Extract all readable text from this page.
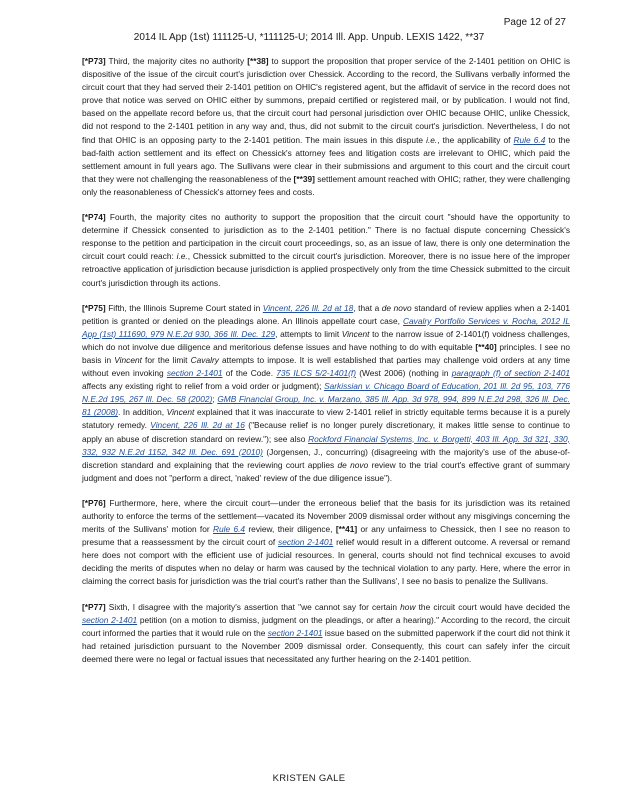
Page 12 of 27
2014 IL App (1st) 111125-U, *111125-U; 2014 Ill. App. Unpub. LEXIS 1422, **37

[*P73] Third, the majority cites no authority [**38] to support the proposition that proper service of the 2-1401 petition on OHIC is dispositive of the issue of the circuit court's jurisdiction over Chessick. According to the record, the Sullivans verbally informed the circuit court that they had served their 2-1401 petition on OHIC's registered agent, but the affidavit of service in the record does not prove that notice was served on OHIC either by summons, prepaid certified or registered mail, or by publication. I would not find, based on the appellate record before us, that the circuit court had personal jurisdiction over OHIC because OHIC, unlike Chessick, did not respond to the 2-1401 petition in any way and, thus, did not submit to the circuit court's jurisdiction. Nevertheless, I do not find that OHIC is an opposing party to the 2-1401 petition. The main issues in this dispute i.e., the applicability of Rule 6.4 to the bad-faith action settlement and its effect on Chessick's attorney fees and litigation costs are irrelevant to OHIC, which paid the settlement amount in full years ago. The Sullivans were clear in their submissions and argument to this court and the circuit court that they were not challenging the reasonableness of the [**39] settlement amount reached with OHIC; rather, they were challenging only the reasonableness of Chessick's attorney fees and costs.

[*P74] Fourth, the majority cites no authority to support the proposition that the circuit court "should have the opportunity to determine if Chessick consented to jurisdiction as to the 2-1401 petition." There is no factual dispute concerning Chessick's response to the petition and participation in the circuit court proceedings, so, as an issue of law, there is only one determination the circuit court could reach: i.e., Chessick submitted to the circuit court's jurisdiction. Moreover, there is no issue here of the improper retroactive application of jurisdiction because jurisdiction is applied prospectively only from the time Chessick submitted to the circuit court's jurisdiction through its actions.

[*P75] Fifth, the Illinois Supreme Court stated in Vincent, 226 Ill. 2d at 18, that a de novo standard of review applies when a 2-1401 petition is granted or denied on the pleadings alone. An Illinois appellate court case, Cavalry Portfolio Services v. Rocha, 2012 IL App (1st) 111690, 979 N.E.2d 930, 366 Ill. Dec. 129, attempts to limit Vincent to the narrow issue of 2-1401(f) voidness challenges, which do not involve due diligence and meritorious defense issues and have nothing to do with equitable [**40] principles. I see no basis in Vincent for the limit Cavalry attempts to impose. It is well established that parties may challenge void orders at any time without even invoking section 2-1401 of the Code. 735 ILCS 5/2-1401(f) (West 2006) (nothing in paragraph (f) of section 2-1401 affects any existing right to relief from a void order or judgment); Sarkissian v. Chicago Board of Education, 201 Ill. 2d 95, 103, 776 N.E.2d 195, 267 Ill. Dec. 58 (2002); GMB Financial Group, Inc. v. Marzano, 385 Ill. App. 3d 978, 994, 899 N.E.2d 298, 326 Ill. Dec. 81 (2008). In addition, Vincent explained that it was inaccurate to view 2-1401 relief in strictly equitable terms because it is a purely statutory remedy. Vincent, 226 Ill. 2d at 16 ("Because relief is no longer purely discretionary, it makes little sense to continue to apply an abuse of discretion standard on review."); see also Rockford Financial Systems, Inc. v. Borgetti, 403 Ill. App. 3d 321, 330, 332, 932 N.E.2d 1152, 342 Ill. Dec. 691 (2010) (Jorgensen, J., concurring) (disagreeing with the majority's use of the abuse-of-discretion standard and explaining that the reviewing court applies de novo review to the trial court's effective grant of summary judgment and does not "perform a direct, 'naked' review of the due diligence issue").

[*P76] Furthermore, here, where the circuit court—under the erroneous belief that the basis for its jurisdiction was its retained authority to enforce the terms of the settlement—vacated its November 2009 dismissal order without any misgivings concerning the merits of the Sullivans' motion for Rule 6.4 review, their diligence, [**41] or any unfairness to Chessick, then I see no reason to presume that a reassessment by the circuit court of section 2-1401 relief would result in a different outcome. A reversal or remand here does not comport with the efficient use of judicial resources. In general, courts should not find technical excuses to avoid deciding the merits of disputes when no delay or harm was caused by the technical violation to any party. Here, where the error in claiming the correct basis for jurisdiction was the trial court's rather than the Sullivans', I see no basis to penalize the Sullivans.

[*P77] Sixth, I disagree with the majority's assertion that "we cannot say for certain how the circuit court would have decided the section 2-1401 petition (on a motion to dismiss, judgment on the pleadings, or after a hearing)." According to the record, the circuit court informed the parties that it would rule on the section 2-1401 issue based on the submitted paperwork if the court did not think it had retained jurisdiction pursuant to the November 2009 dismissal order. Consequently, this court can safely infer the circuit deemed there were no legal or factual issues that necessitated any further hearing on the 2-1401 petition.

KRISTEN GALE
